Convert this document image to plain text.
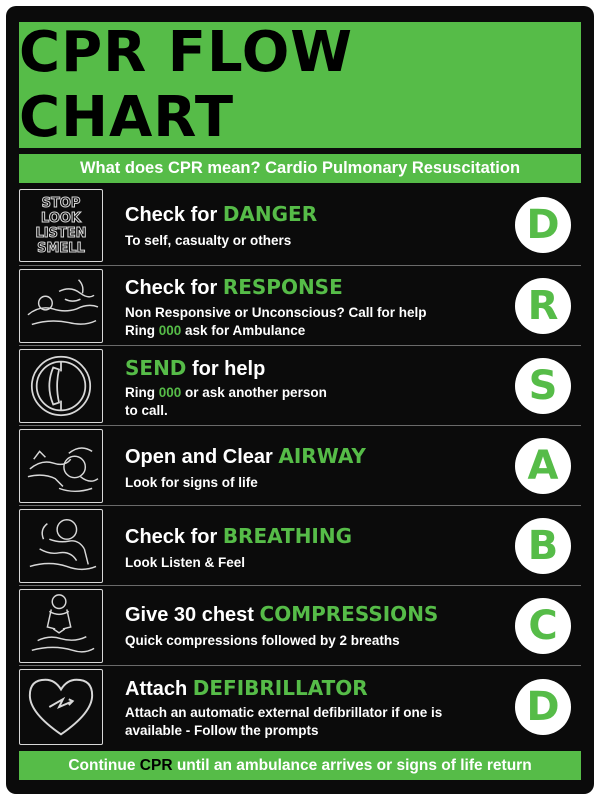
CPR FLOW CHART
What does CPR mean? Cardio Pulmonary Resuscitation
STOP
LOOK
LISTEN
SMELL
Check for DANGER
To self, casualty or others	D
Check for RESPONSE
Non Responsive or Unconscious? Call for help
Ring 000 ask for Ambulance
R
SEND for help
Ring 000 or ask another person
to call.
S
Open and Clear AIRWAY
Look for signs of life	A
Check for BREATHING
Look Listen & Feel	B
Give 30 chest COMPRESSIONS
Quick compressions followed by 2 breaths	C
Attach DEFIBRILLATOR
Attach an automatic external defibrillator if one is
available - Follow the prompts
D
Continue CPR until an ambulance arrives or signs of life return
